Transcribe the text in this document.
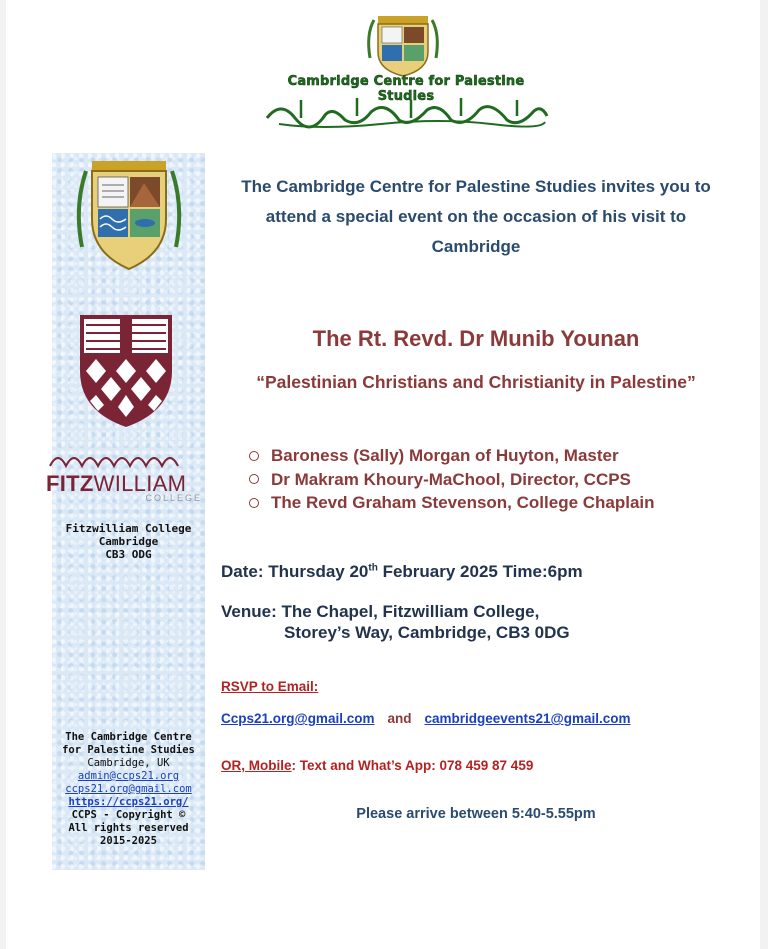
Cambridge Centre for Palestine Studies
FITZWILLIAM
COLLEGE
Fitzwilliam College
Cambridge
CB3 ODG
The Cambridge Centre
for Palestine Studies
Cambridge, UK
admin@ccps21.org
ccps21.org@gmail.com
https://ccps21.org/
CCPS - Copyright ©
All rights reserved
2015-2025
The Cambridge Centre for Palestine Studies invites you to attend a special event on the occasion of his visit to Cambridge
The Rt. Revd. Dr Munib Younan
“Palestinian Christians and Christianity in Palestine”
Baroness (Sally) Morgan of Huyton, Master
Dr Makram Khoury-MaChool, Director, CCPS
The Revd Graham Stevenson, College Chaplain
Date: Thursday 20th February 2025 Time:6pm
Venue: The Chapel, Fitzwilliam College,
Storey’s Way, Cambridge, CB3 0DG
RSVP to Email:
Ccps21.org@gmail.com and cambridgeevents21@gmail.com
OR, Mobile: Text and What’s App: 078 459 87 459
Please arrive between 5:40-5.55pm
